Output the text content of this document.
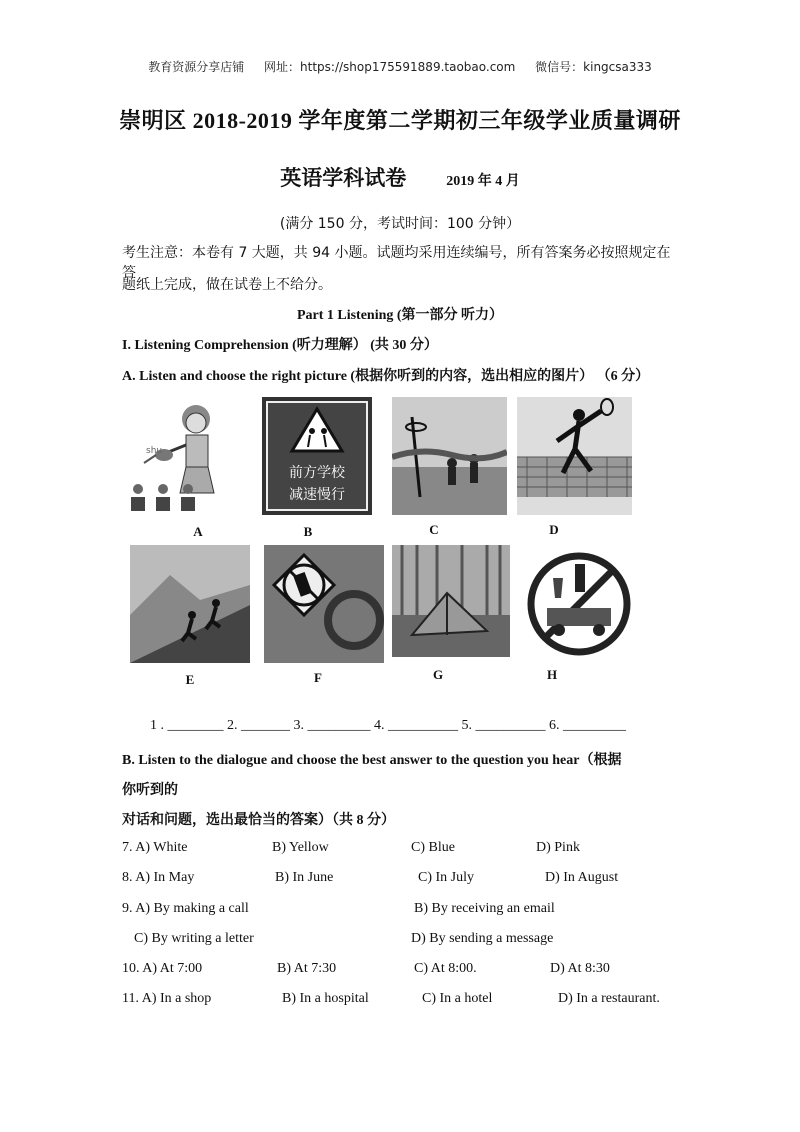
教育资源分享店铺 网址：https://shop175591889.taobao.com 微信号：kingcsa333
崇明区 2018-2019 学年度第二学期初三年级学业质量调研
英语学科试卷	2019 年 4 月
(满分 150 分，考试时间：100 分钟）
考生注意：本卷有 7 大题，共 94 小题。试题均采用连续编号，所有答案务必按照规定在答
题纸上完成，做在试卷上不给分。
Part 1 Listening (第一部分 听力）
I. Listening Comprehension (听力理解） (共 30 分）
A. Listen and choose the right picture (根据你听到的内容，选出相应的图片） （6 分）
shu
前方学校
减速慢行
A	B	C	D
E	F	G	H
1 . ________ 2. _______ 3. _________ 4. __________ 5. __________ 6. _________
B. Listen to the dialogue and choose the best answer to the question you hear（根据
你听到的
对话和问题，选出最恰当的答案）（共 8 分）
7. A) White	B) Yellow	C) Blue	D) Pink
8. A) In May	B) In June	C) In July	D) In August
9. A) By making a call	B) By receiving an email
C) By writing a letter	D) By sending a message
10. A) At 7:00	B) At 7:30	C) At 8:00.	D) At 8:30
11. A) In a shop	B) In a hospital	C) In a hotel	D) In a restaurant.
